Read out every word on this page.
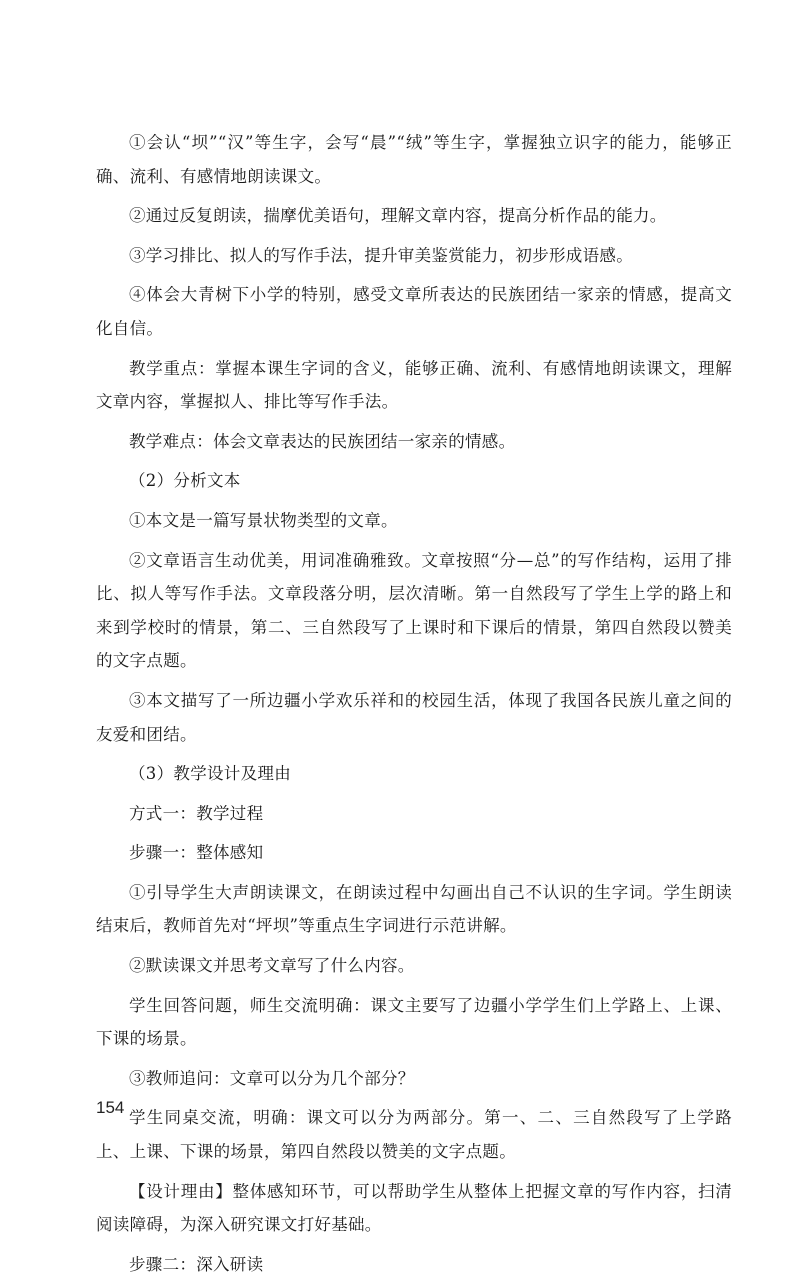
①会认“坝”“汉”等生字，会写“晨”“绒”等生字，掌握独立识字的能力，能够正确、流利、有感情地朗读课文。

②通过反复朗读，揣摩优美语句，理解文章内容，提高分析作品的能力。

③学习排比、拟人的写作手法，提升审美鉴赏能力，初步形成语感。

④体会大青树下小学的特别，感受文章所表达的民族团结一家亲的情感，提高文化自信。

教学重点：掌握本课生字词的含义，能够正确、流利、有感情地朗读课文，理解文章内容，掌握拟人、排比等写作手法。

教学难点：体会文章表达的民族团结一家亲的情感。

（2）分析文本

①本文是一篇写景状物类型的文章。

②文章语言生动优美，用词准确雅致。文章按照“分—总”的写作结构，运用了排比、拟人等写作手法。文章段落分明，层次清晰。第一自然段写了学生上学的路上和来到学校时的情景，第二、三自然段写了上课时和下课后的情景，第四自然段以赞美的文字点题。

③本文描写了一所边疆小学欢乐祥和的校园生活，体现了我国各民族儿童之间的友爱和团结。

（3）教学设计及理由

方式一：教学过程

步骤一：整体感知

①引导学生大声朗读课文，在朗读过程中勾画出自己不认识的生字词。学生朗读结束后，教师首先对“坪坝”等重点生字词进行示范讲解。

②默读课文并思考文章写了什么内容。

学生回答问题，师生交流明确：课文主要写了边疆小学学生们上学路上、上课、下课的场景。

③教师追问：文章可以分为几个部分？

学生同桌交流，明确：课文可以分为两部分。第一、二、三自然段写了上学路上、上课、下课的场景，第四自然段以赞美的文字点题。

【设计理由】整体感知环节，可以帮助学生从整体上把握文章的写作内容，扫清阅读障碍，为深入研究课文打好基础。

步骤二：深入研读

154
